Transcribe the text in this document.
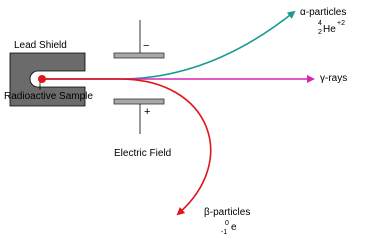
Lead Shield
Radioactive Sample
Electric Field
−
+
α-particles
4
2 He
+2
γ-rays
β-particles
0
-1 e
